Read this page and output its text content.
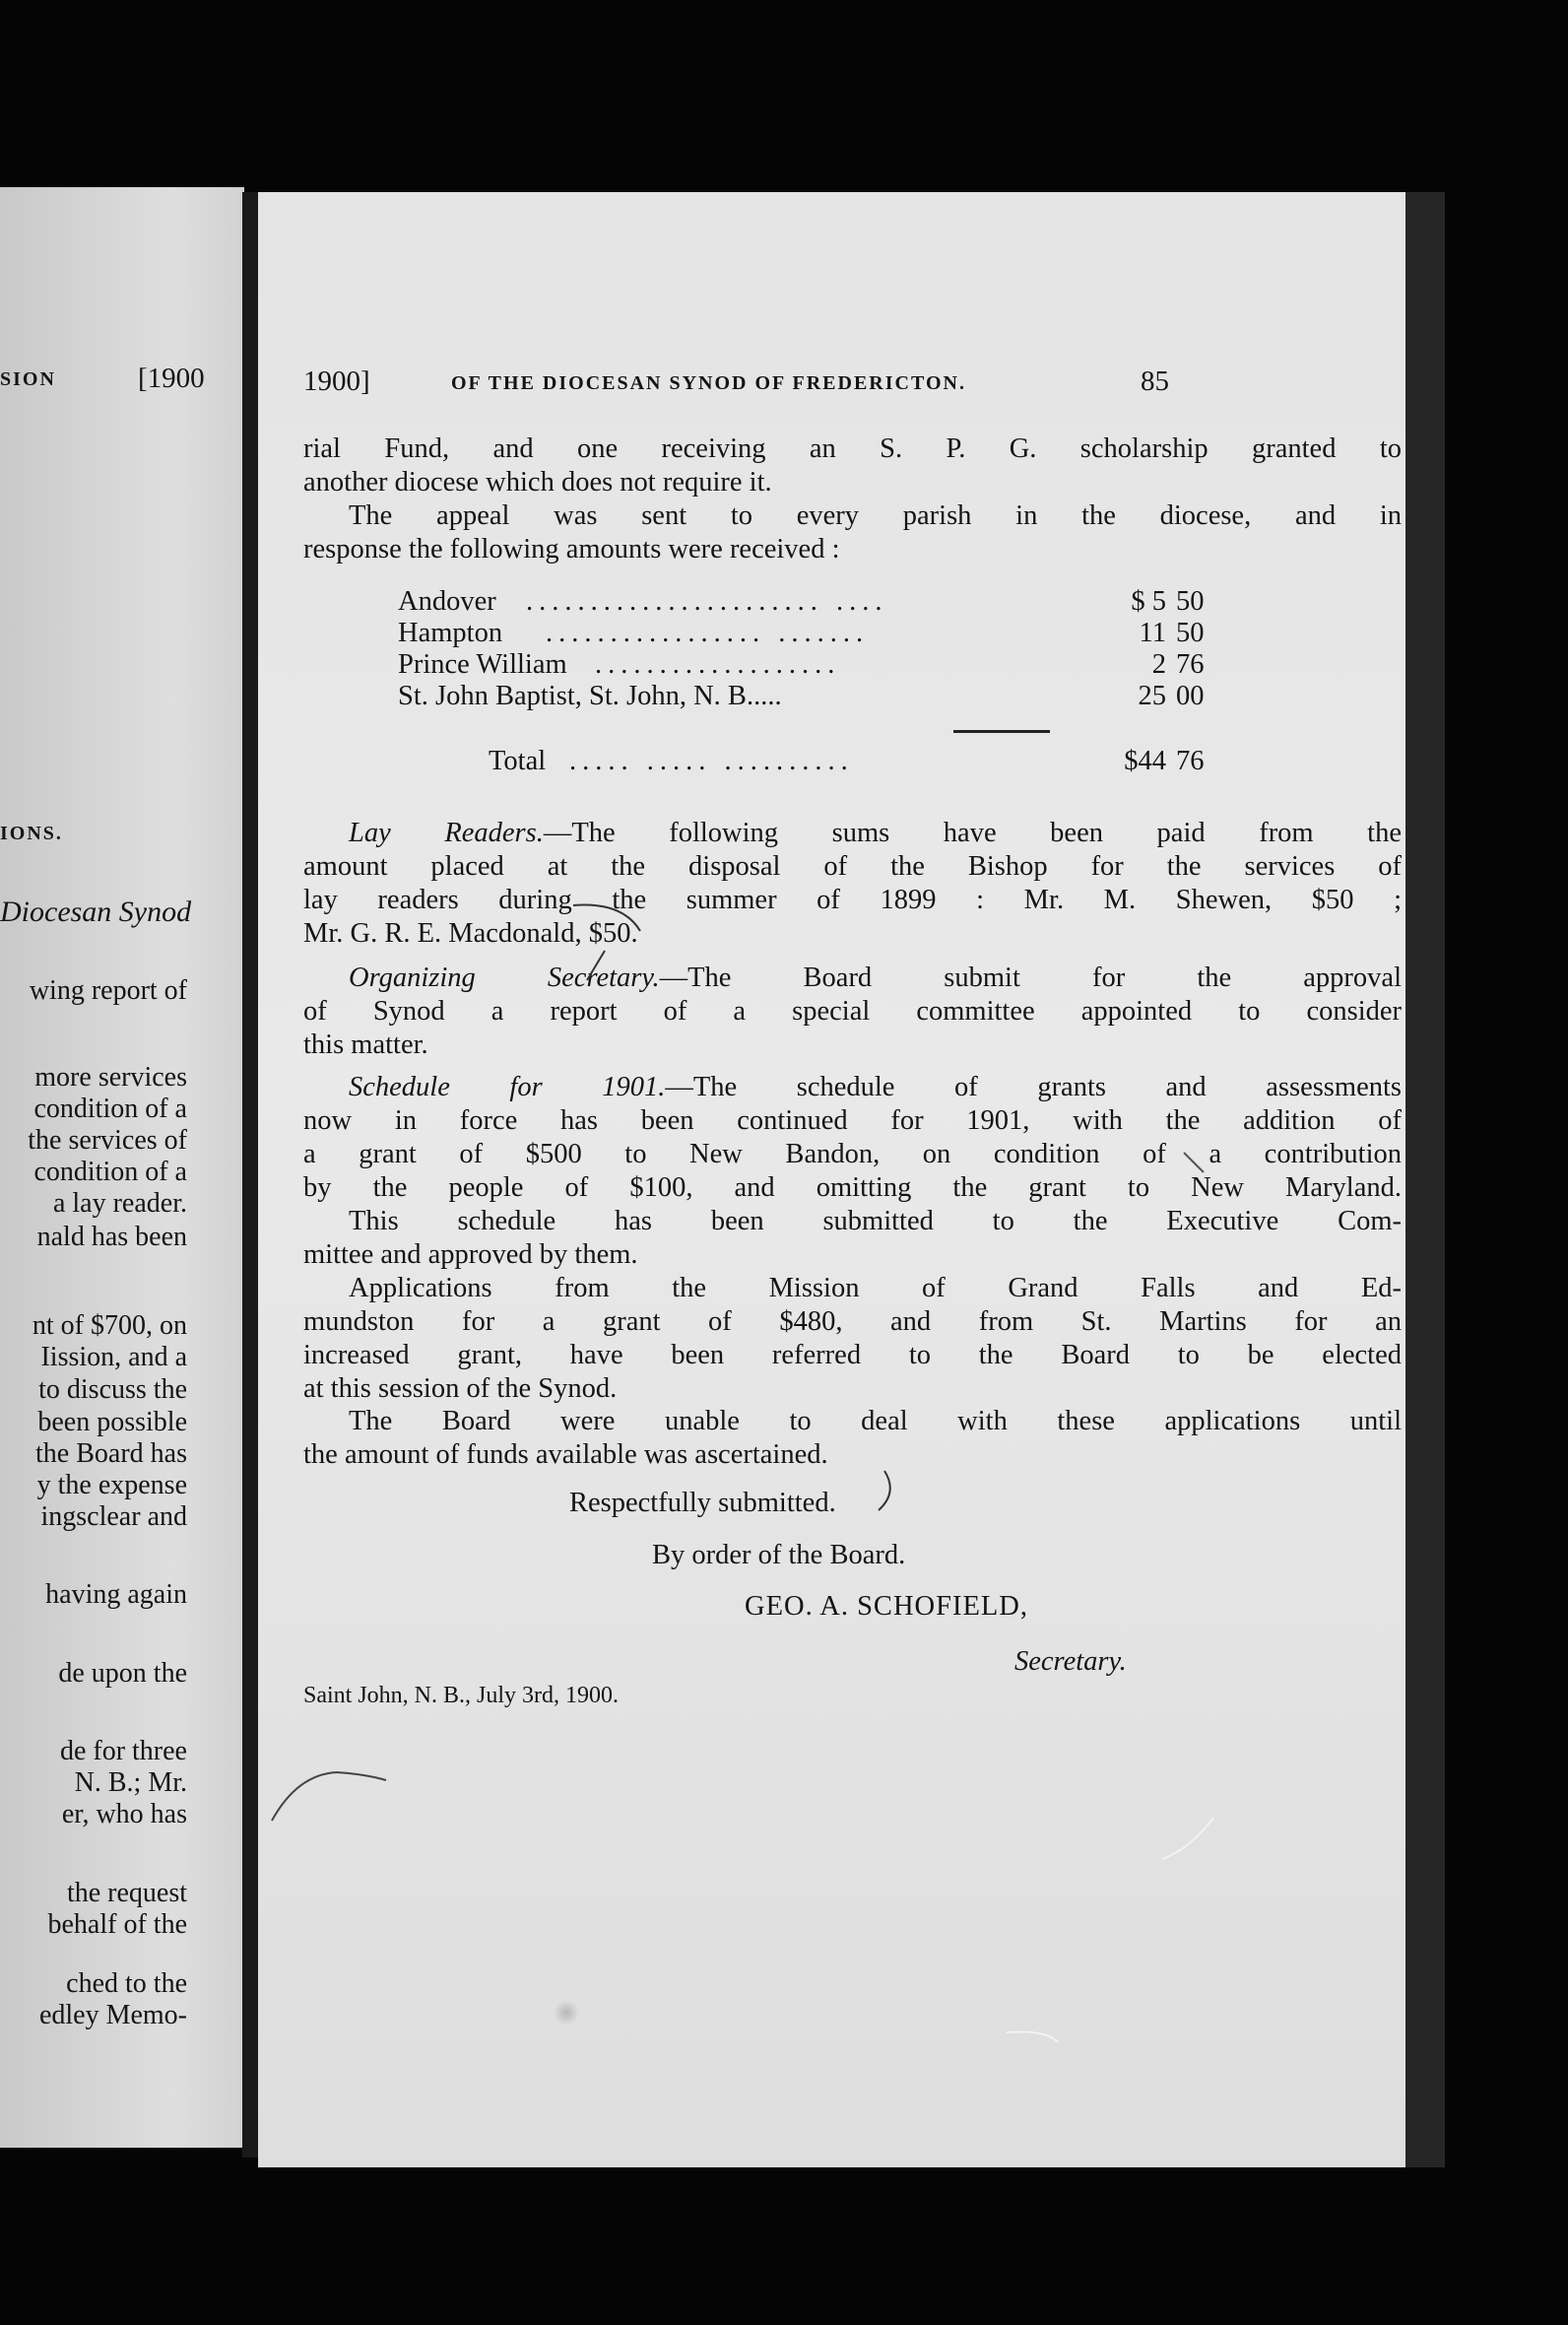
SION	[1900
IONS.
Diocesan Synod
wing report of
more services
condition of a
the services of
condition of a
a lay reader.
nald has been
nt of $700, on
Iission, and a
to discuss the
been possible
the Board has
y the expense
ingsclear and
having again
de upon the
de for three
N. B.; Mr.
er, who has
the request
behalf of the
ched to the
edley Memo-
1900]	OF THE DIOCESAN SYNOD OF FREDERICTON.	85
rial Fund, and one receiving an S. P. G. scholarship granted to
another diocese which does not require it.
The appeal was sent to every parish in the diocese, and in
response the following amounts were received :
Andover ....................... ....	$ 5 50
Hampton ................. .......	11 50
Prince William ...................	2 76
St. John Baptist, St. John, N. B.....	25 00
Total ..... ..... ..........	$44 76
Lay Readers.—The following sums have been paid from the
amount placed at the disposal of the Bishop for the services of
lay readers during the summer of 1899 : Mr. M. Shewen, $50 ;
Mr. G. R. E. Macdonald, $50.
Organizing Secretary.—The Board submit for the approval
of Synod a report of a special committee appointed to consider
this matter.
Schedule for 1901.—The schedule of grants and assessments
now in force has been continued for 1901, with the addition of
a grant of $500 to New Bandon, on condition of a contribution
by the people of $100, and omitting the grant to New Maryland.
This schedule has been submitted to the Executive Com-
mittee and approved by them.
Applications from the Mission of Grand Falls and Ed-
mundston for a grant of $480, and from St. Martins for an
increased grant, have been referred to the Board to be elected
at this session of the Synod.
The Board were unable to deal with these applications until
the amount of funds available was ascertained.
Respectfully submitted.
By order of the Board.
GEO. A. SCHOFIELD,
Secretary.
Saint John, N. B., July 3rd, 1900.
